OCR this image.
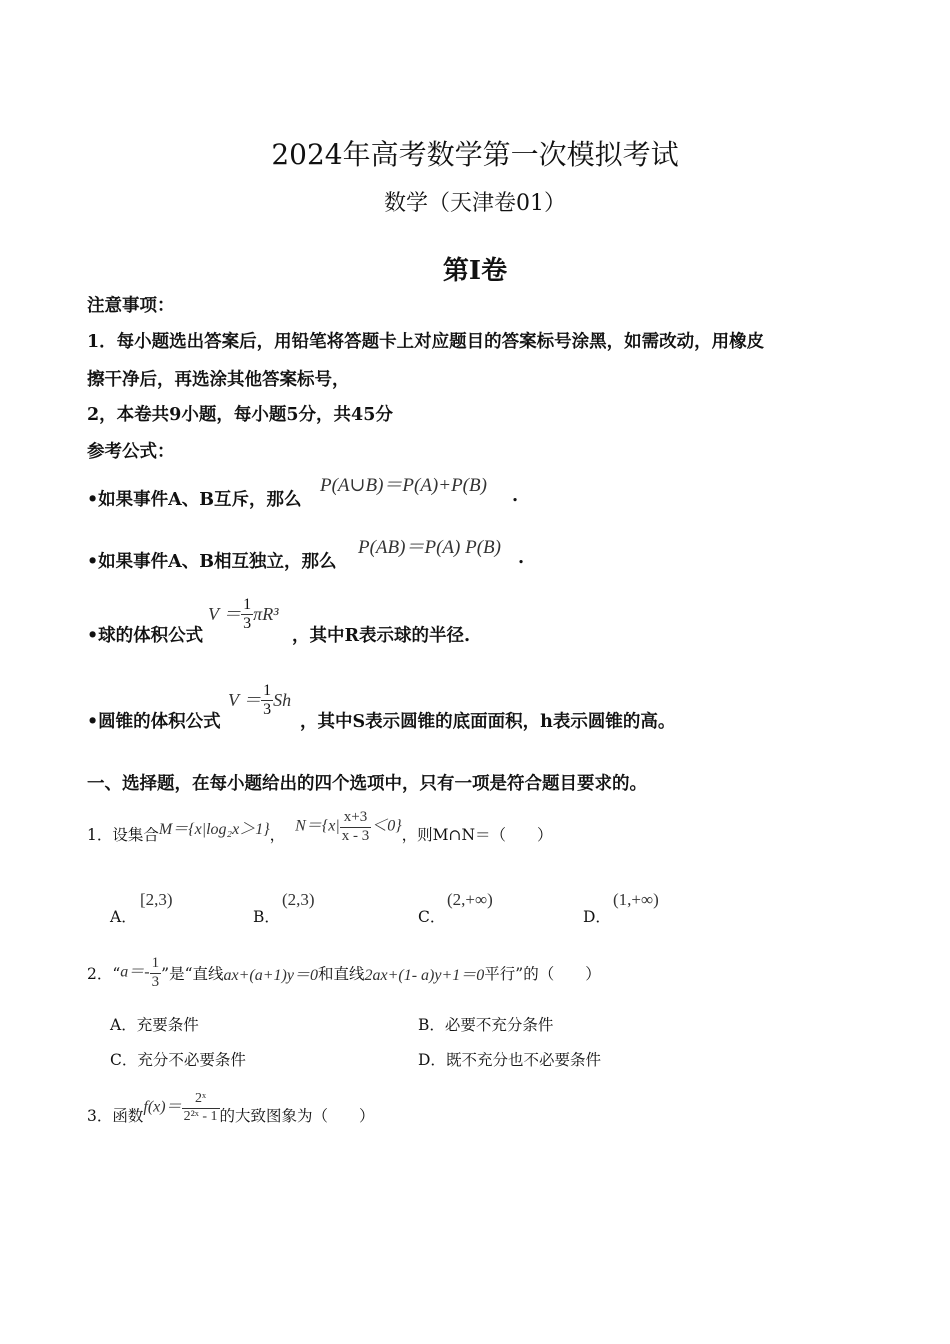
2024年高考数学第一次模拟考试
数学（天津卷01）
第I卷
注意事项：
1．每小题选出答案后，用铅笔将答题卡上对应题目的答案标号涂黑，如需改动，用橡皮
擦干净后，再选涂其他答案标号，
2，本卷共9小题，每小题5分，共45分
参考公式：
•如果事件A、B互斥，那么
P(A∪B)＝P(A)+P(B) .
•如果事件A、B相互独立，那么
P(AB)＝P(A) P(B) .
•球的体积公式
$V = \frac{1}{3} \pi R^3$
，其中R表示球的半径.
•圆锥的体积公式
$V = \frac{1}{3}$ Sh
，其中S表示圆锥的底面面积，h表示圆锥的高。
一、选择题，在每小题给出的四个选项中，只有一项是符合题目要求的。
1．设集合 M＝{x|log₂x＞1} ， $N=\{x| \frac{x+3}{x - 3} <0\}$ ，则M∩N＝（　　）
A．
[2,3)
B．
(2,3)
C．
(2,+∞)
D．
(1,+∞)
2．“ $a=- \frac{1}{3}$ ”是“直线 ax+(a+1)y＝0 和直线 2ax+(1- a)y+1＝0 平行”的（　　）
A．充要条件	B．必要不充分条件
C．充分不必要条件	D．既不充分也不必要条件
3．函数 $f(x)= \frac{\text{2ˣ}}{\text{2²ˣ - 1}}$ 的大致图象为（　　）
